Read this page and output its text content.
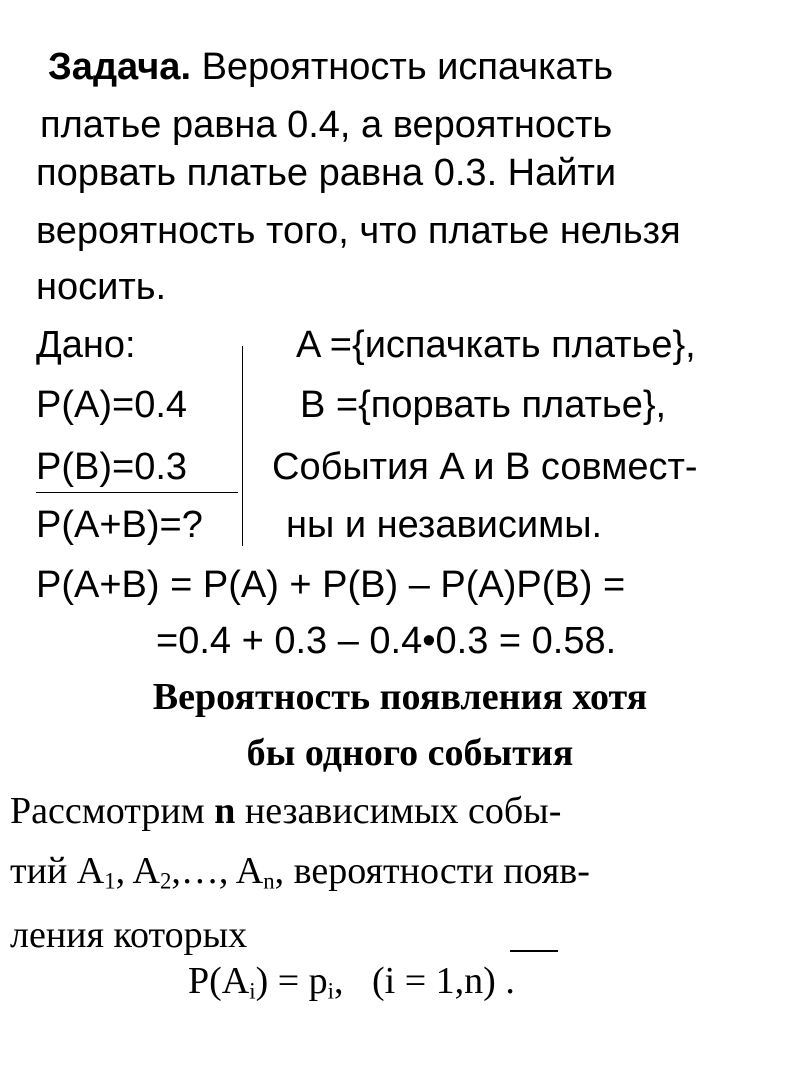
Задача. Вероятность испачкать
платье равна 0.4, а вероятность
порвать платье равна 0.3. Найти
вероятность того, что платье нельзя
носить.
Дано:
P(A)=0.4
P(B)=0.3
P(A+B)=?
A ={испачкать платье},
B ={порвать платье},
События A и B совмест-
ны и независимы.
P(A+B) = P(A) + P(B) – P(A)P(B) =
=0.4 + 0.3 – 0.4•0.3 = 0.58.
Вероятность появления хотя
бы одного события
Рассмотрим n независимых собы-
тий $A_1$, $A_2,\dots$, $A_n$, вероятности появ-
ления которых
$P(A_i) = p_i$,   (i = 1,n) .
